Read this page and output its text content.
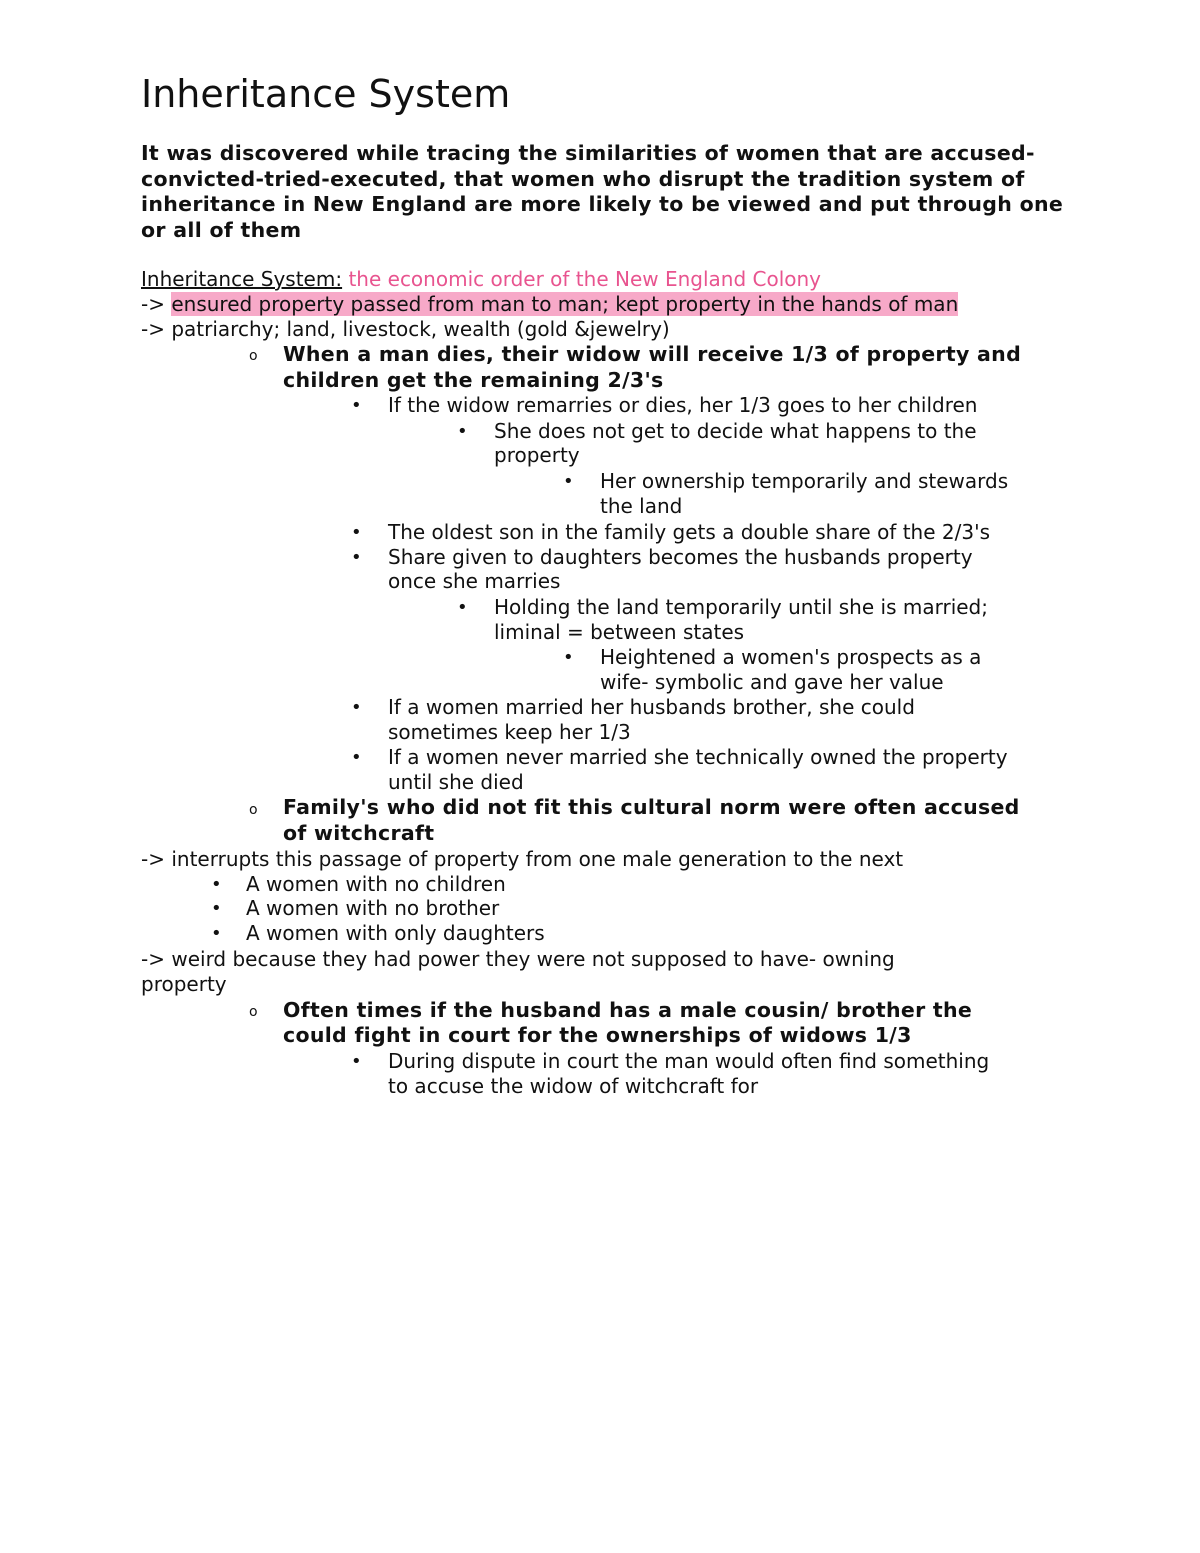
Inheritance System

It was discovered while tracing the similarities of women that are accused-convicted-tried-executed, that women who disrupt the tradition system of inheritance in New England are more likely to be viewed and put through one or all of them

Inheritance System: the economic order of the New England Colony
-> ensured property passed from man to man; kept property in the hands of man
-> patriarchy; land, livestock, wealth (gold &jewelry)
o When a man dies, their widow will receive 1/3 of property and
children get the remaining 2/3's
• If the widow remarries or dies, her 1/3 goes to her children
• She does not get to decide what happens to the
property
• Her ownership temporarily and stewards
the land
• The oldest son in the family gets a double share of the 2/3's
• Share given to daughters becomes the husbands property
once she marries
• Holding the land temporarily until she is married;
liminal = between states
• Heightened a women's prospects as a
wife- symbolic and gave her value
• If a women married her husbands brother, she could
sometimes keep her 1/3
• If a women never married she technically owned the property
until she died
o Family's who did not fit this cultural norm were often accused
of witchcraft
-> interrupts this passage of property from one male generation to the next
• A women with no children
• A women with no brother
• A women with only daughters
-> weird because they had power they were not supposed to have- owning
property
o Often times if the husband has a male cousin/ brother the
could fight in court for the ownerships of widows 1/3
• During dispute in court the man would often find something
to accuse the widow of witchcraft for
